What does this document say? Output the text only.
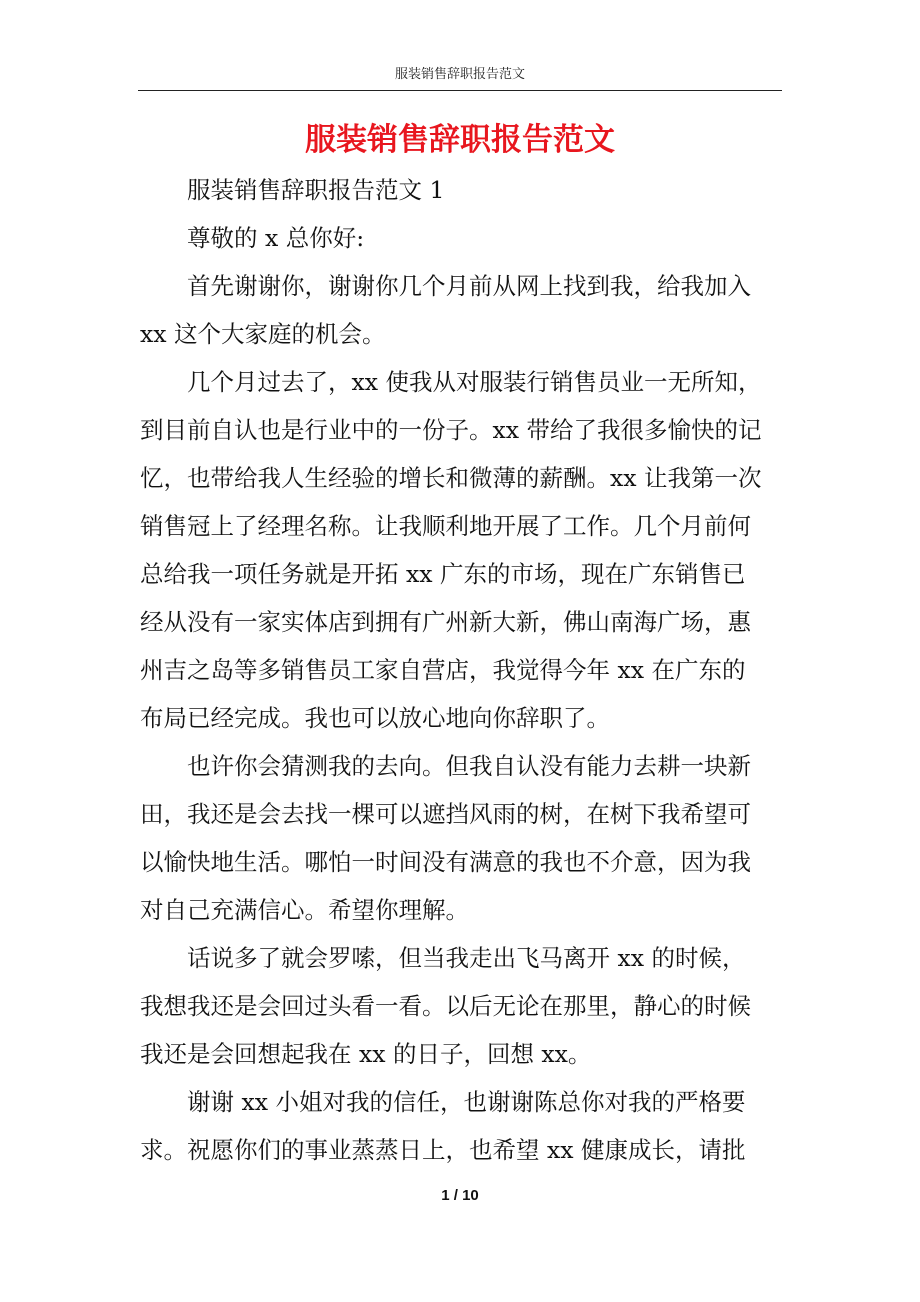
服装销售辞职报告范文
服装销售辞职报告范文

服装销售辞职报告范文 1

尊敬的 x 总你好:

首先谢谢你，谢谢你几个月前从网上找到我，给我加入
xx 这个大家庭的机会。

几个月过去了，xx 使我从对服装行销售员业一无所知，
到目前自认也是行业中的一份子。xx 带给了我很多愉快的记
忆，也带给我人生经验的增长和微薄的薪酬。xx 让我第一次
销售冠上了经理名称。让我顺利地开展了工作。几个月前何
总给我一项任务就是开拓 xx 广东的市场，现在广东销售已
经从没有一家实体店到拥有广州新大新，佛山南海广场，惠
州吉之岛等多销售员工家自营店，我觉得今年 xx 在广东的
布局已经完成。我也可以放心地向你辞职了。

也许你会猜测我的去向。但我自认没有能力去耕一块新
田，我还是会去找一棵可以遮挡风雨的树，在树下我希望可
以愉快地生活。哪怕一时间没有满意的我也不介意，因为我
对自己充满信心。希望你理解。

话说多了就会罗嗦，但当我走出飞马离开 xx 的时候，
我想我还是会回过头看一看。以后无论在那里，静心的时候
我还是会回想起我在 xx 的日子，回想 xx。

谢谢 xx 小姐对我的信任，也谢谢陈总你对我的严格要
求。祝愿你们的事业蒸蒸日上，也希望 xx 健康成长，请批

1 / 10
